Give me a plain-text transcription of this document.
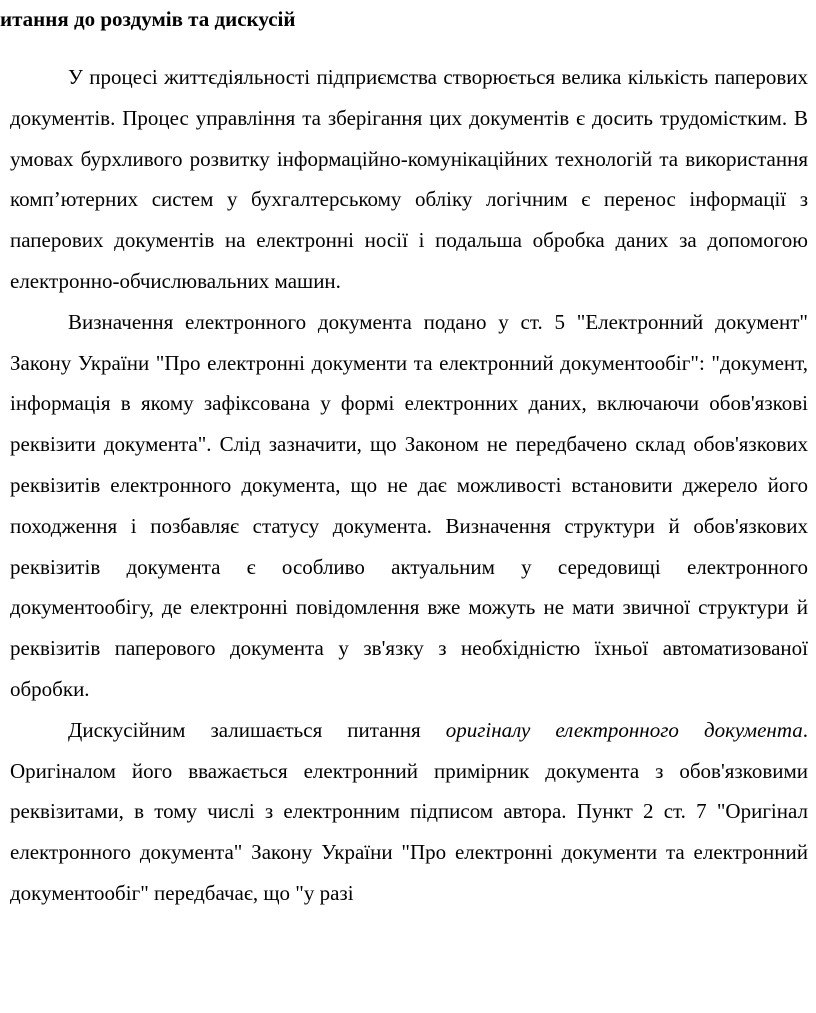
итання до роздумів та дискусій

У процесі життєдіяльності підприємства створюється велика кількість паперових документів. Процес управління та зберігання цих документів є досить трудомістким. В умовах бурхливого розвитку інформаційно-комунікаційних технологій та використання комп’ютерних систем у бухгалтерському обліку логічним є перенос інформації з паперових документів на електронні носії і подальша обробка даних за допомогою електронно-обчислювальних машин.

Визначення електронного документа подано у ст. 5 "Електронний документ" Закону України "Про електронні документи та електронний документообіг": "документ, інформація в якому зафіксована у формі електронних даних, включаючи обов'язкові реквізити документа". Слід зазначити, що Законом не передбачено склад обов'язкових реквізитів електронного документа, що не дає можливості встановити джерело його походження і позбавляє статусу документа. Визначення структури й обов'язкових реквізитів документа є особливо актуальним у середовищі електронного документообігу, де електронні повідомлення вже можуть не мати звичної структури й реквізитів паперового документа у зв'язку з необхідністю їхньої автоматизованої обробки.

Дискусійним залишається питання оригіналу електронного документа. Оригіналом його вважається електронний примірник документа з обов'язковими реквізитами, в тому числі з електронним підписом автора. Пункт 2 ст. 7 "Оригінал електронного документа" Закону України "Про електронні документи та електронний документообіг" передбачає, що "у разі
